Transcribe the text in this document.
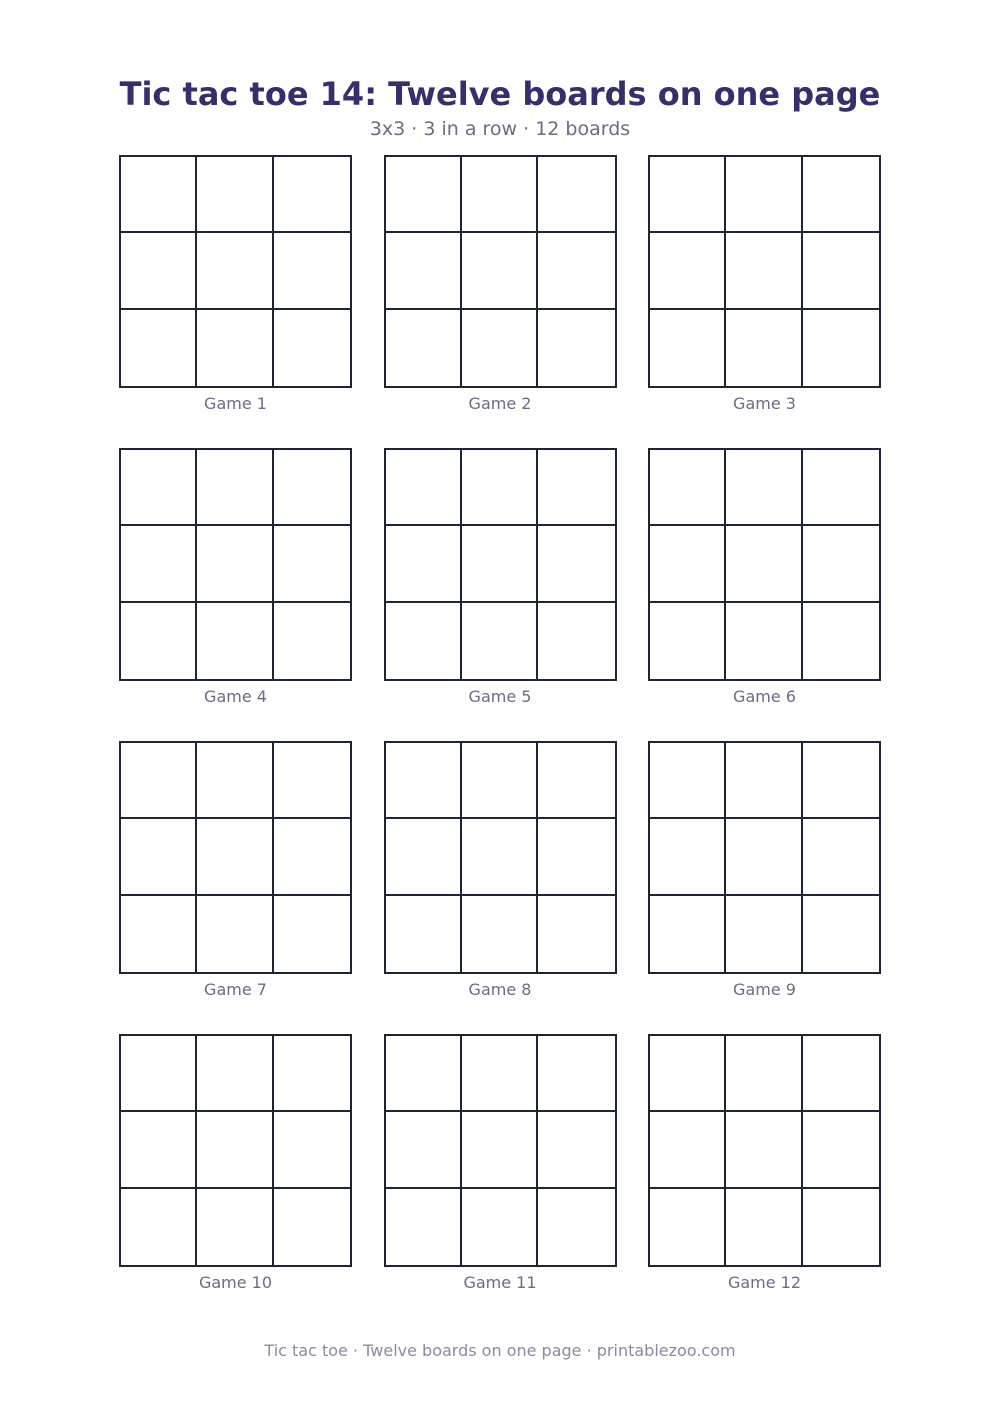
Tic tac toe 14: Twelve boards on one page
3x3 · 3 in a row · 12 boards
Game 1	Game 2	Game 3
Game 4	Game 5	Game 6
Game 7	Game 8	Game 9
Game 10	Game 11	Game 12
Tic tac toe · Twelve boards on one page · printablezoo.com
